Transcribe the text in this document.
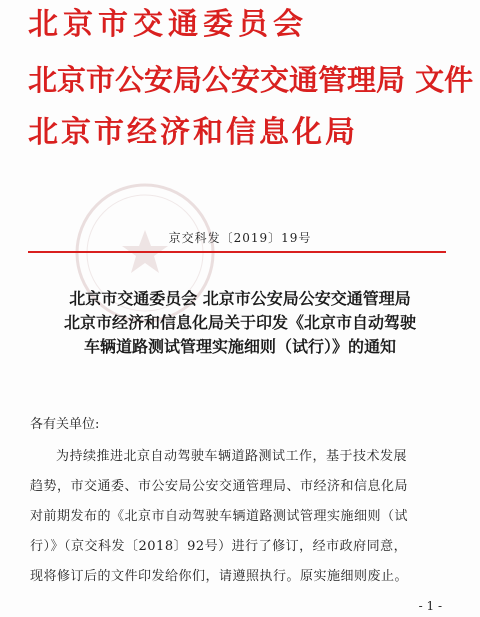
北京市交通委员会
北京市公安局公安交通管理局 文件
北京市经济和信息化局
京交科发〔2019〕19号
北京市交通委员会 北京市公安局公安交通管理局
北京市经济和信息化局关于印发《北京市自动驾驶
车辆道路测试管理实施细则（试行）》的通知
各有关单位:
为持续推进北京自动驾驶车辆道路测试工作，基于技术发展
趋势，市交通委、市公安局公安交通管理局、市经济和信息化局
对前期发布的《北京市自动驾驶车辆道路测试管理实施细则（试
行）》（京交科发〔2018〕92号）进行了修订，经市政府同意，
现将修订后的文件印发给你们，请遵照执行。原实施细则废止。
- 1 -
